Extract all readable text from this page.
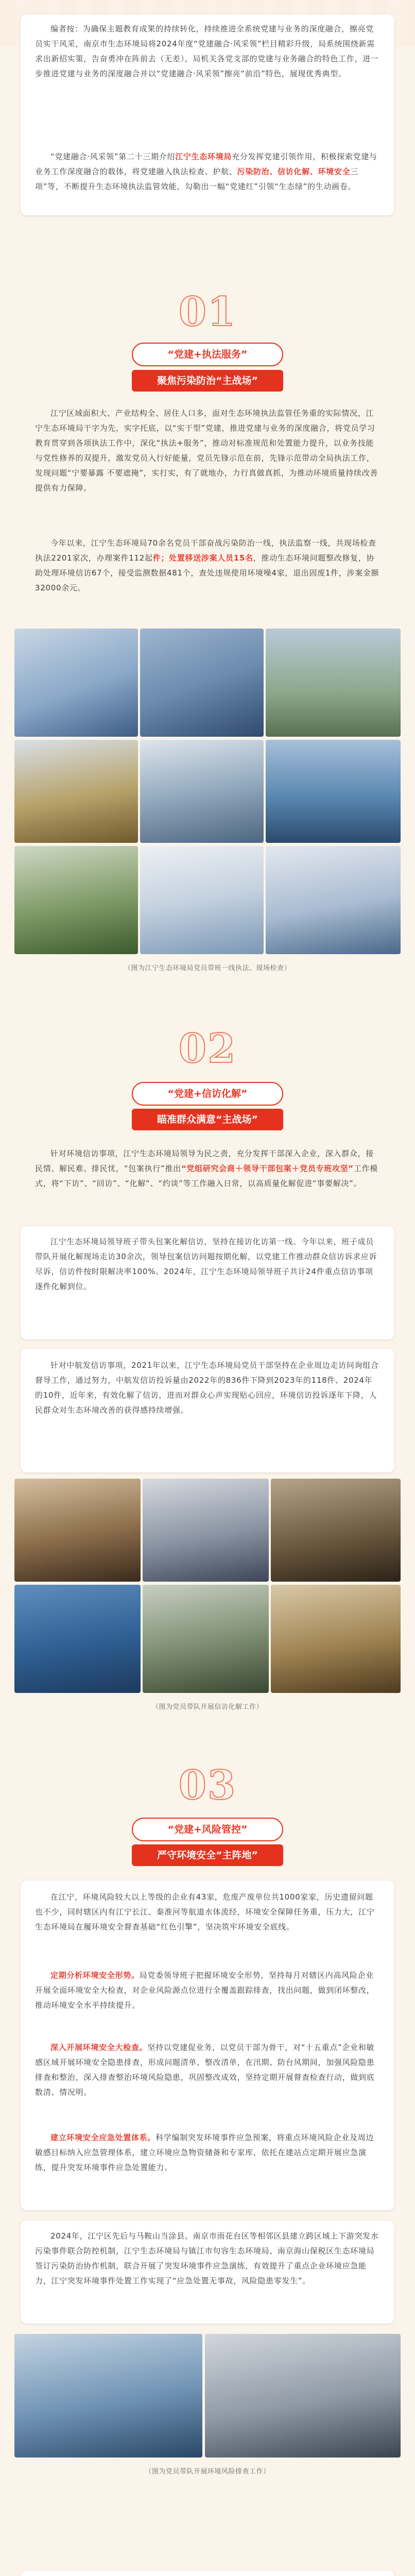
编者按：为确保主题教育成果的持续转化，持续推进全系统党建与业务的深度融合，擦亮党员实干风采，南京市生态环境局将2024年度“党建融合·风采领”栏目精彩升级，局系统围绕新需求出新招实策，告奋勇冲在阵前去（无差），局机关各党支部的党建与业务融合的特色工作，进一步推进党建与业务的深度融合并以“党建融合·风采领”擦亮“前沿”特色，展现优秀典型。

“党建融合·风采领”第二十三期介绍江宁生态环境局充分发挥党建引领作用，积极探索党建与业务工作深度融合的载体，将党建融入执法检查、护航、污染防治、信访化解、环境安全三项”等，不断提升生态环境执法监管效能，勾勒出一幅“党建红”引领“生态绿”的生动画卷。

01
“党建+执法服务”
聚焦污染防治“主战场”

江宁区域面积大、产业结构全、居住人口多，面对生态环境执法监管任务重的实际情况，江宁生态环境局干字为先，实字托底，以“实干型”党建，推进党建与业务的深度融合，将党员学习教育贯穿到各项执法工作中，深化“执法+服务”，推动对标准规范和处置能力提升，以业务技能与党性修养的双提升，激发党员入行好能量，党员先锋示范在前，先锋示范带动全局执法工作，发现问题“宁要暴露 不要遮掩”，实打实，有了就地办，力行真做真抓，为推动环境质量持续改善提供有力保障。

今年以来，江宁生态环境局70余名党员干部奋战污染防治一线，执法监察一线，共现场检查执法2201家次，办理案件112起件；处置移送涉案人员15名，推动生态环境问题整改修复，协助处理环境信访67个，接受监测数据481个，查处违规使用环境噪4家，退出固废1件，涉案金额32000余元。

（图为江宁生态环境局党员带班一线执法、现场检查）
02
“党建+信访化解”
瞄准群众满意“主战场”

针对环境信访事项，江宁生态环境局领导为民之责，充分发挥干部深入企业，深入群众，接民情、解民难、排民忧，“包案执行”推出“党组研究会商＋领导干部包案＋党员专班攻坚”工作模式，将“下访”、“回访”、“化解”、“约谈”等工作融入日常，以高质量化解促进“事要解决”。

江宁生态环境局领导班子带头包案化解信访，坚持在接访化访第一线。今年以来，班子成员带队开展化解现场走访30余次，领导包案信访问题按期化解，以党建工作推动群众信访诉求应诉尽诉，信访件按时限解决率100%。2024年，江宁生态环境局领导班子共计24件重点信访事项逐件化解到位。

针对中航发信访事项，2021年以来，江宁生态环境局党员干部坚持在企业周边走访问询组合督导工作，通过努力，中航发信访投诉量由2022年的836件下降到2023年的118件、2024年的10件，近年来，有效化解了信访，进而对群众心声实现贴心回应，环境信访投诉逐年下降，人民群众对生态环境改善的获得感持续增强。

（图为党员带队开展信访化解工作）
03
“党建+风险管控”
严守环境安全“主阵地”

在江宁，环境风险较大以上等级的企业有43家，危废产废单位共1000家家，历史遗留问题也不少，同时辖区内有江宁长江、秦淮河等航道水体流经，环境安全保障任务重，压力大，江宁生态环境局在履环境安全督查基础“红色引擎”，坚决筑牢环境安全底线。

定期分析环境安全形势。局党委领导班子把握环境安全形势，坚持每月对辖区内高风险企业开展全面环境安全大检查，对企业风险源点位进行全覆盖跟踪排查，找出问题，做到闭环整改，推动环境安全水平持续提升。

深入开展环境安全大检查。坚持以党建促业务，以党员干部为骨干，对“十五重点”企业和敏感区域开展环境安全隐患排查，形成问题清单、整改清单，在汛期、防台风期间，加强风险隐患排查和整治，深入排查整治环境风险隐患，巩固整改成效，坚持定期开展督查检查行动，做到底数清、情况明。

建立环境安全应急处置体系。科学编制突发环境事件应急预案，将重点环境风险企业及周边敏感目标纳入应急管理体系，建立环境应急物资储备和专家库，依托在建站点定期开展应急演练，提升突发环境事件应急处置能力。

2024年，江宁区先后与马鞍山当涂县、南京市雨花台区等相邻区县建立跨区域上下游突发水污染事件联合防控机制，江宁生态环境局与镇江市句容生态环境局、南京海山保税区生态环境局签订污染防治协作机制，联合开展了突发环境事件应急演练，有效提升了重点企业环境应急能力，江宁突发环境事件处置工作实现了“应急处置无事故，风险隐患零发生”。

（图为党员带队开展环境风险排查工作）
